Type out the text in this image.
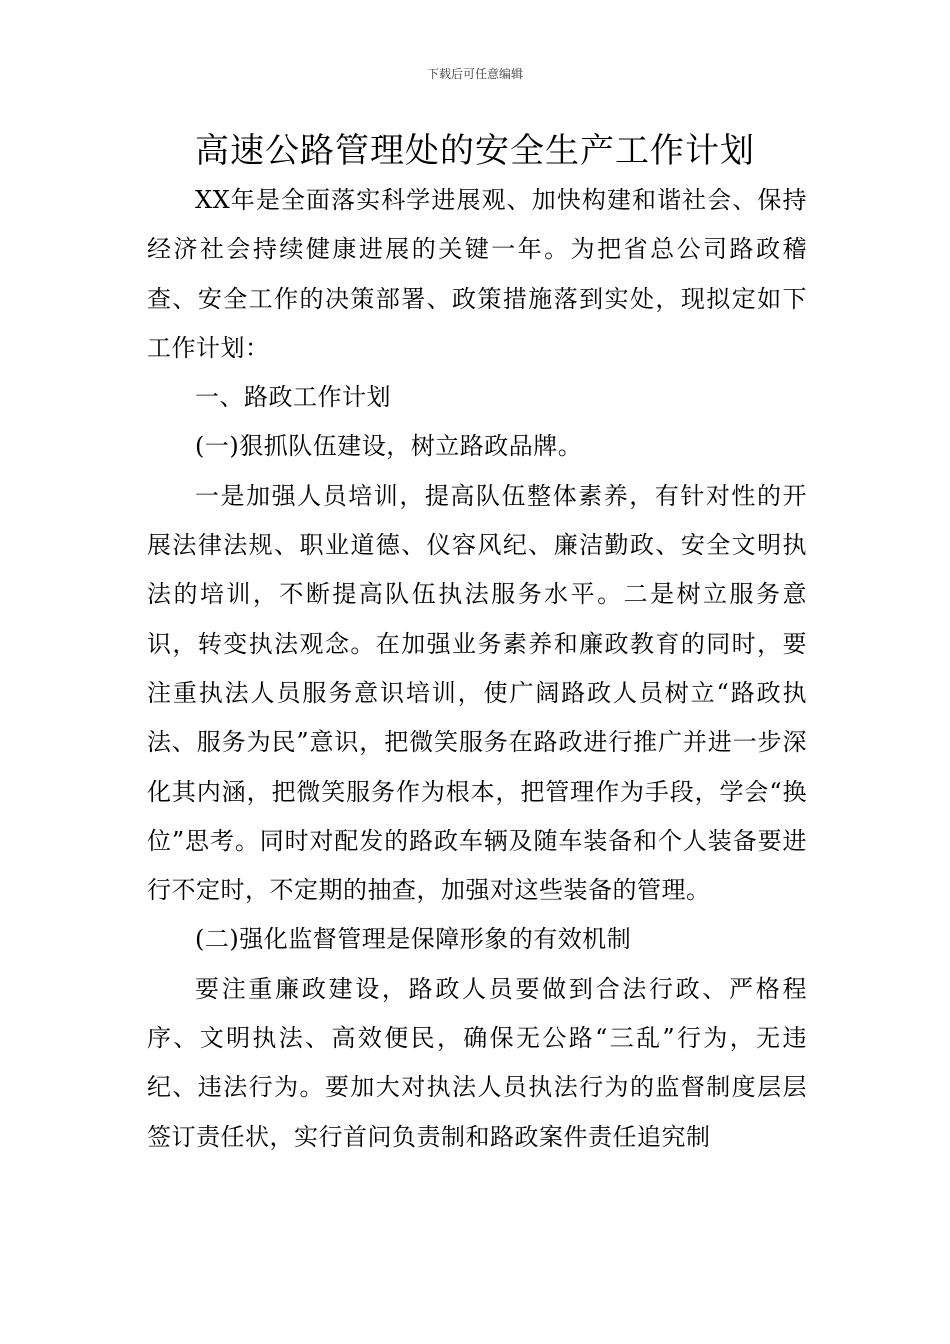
下载后可任意编辑
高速公路管理处的安全生产工作计划

XX年是全面落实科学进展观、加快构建和谐社会、保持经济社会持续健康进展的关键一年。为把省总公司路政稽查、安全工作的决策部署、政策措施落到实处，现拟定如下工作计划：

一、路政工作计划

(一)狠抓队伍建设，树立路政品牌。

一是加强人员培训，提高队伍整体素养，有针对性的开展法律法规、职业道德、仪容风纪、廉洁勤政、安全文明执法的培训，不断提高队伍执法服务水平。二是树立服务意识，转变执法观念。在加强业务素养和廉政教育的同时，要注重执法人员服务意识培训，使广阔路政人员树立“路政执法、服务为民”意识，把微笑服务在路政进行推广并进一步深化其内涵，把微笑服务作为根本，把管理作为手段，学会“换位”思考。同时对配发的路政车辆及随车装备和个人装备要进行不定时，不定期的抽查，加强对这些装备的管理。

(二)强化监督管理是保障形象的有效机制

要注重廉政建设，路政人员要做到合法行政、严格程序、文明执法、高效便民，确保无公路“三乱”行为，无违纪、违法行为。要加大对执法人员执法行为的监督制度层层签订责任状，实行首问负责制和路政案件责任追究制
